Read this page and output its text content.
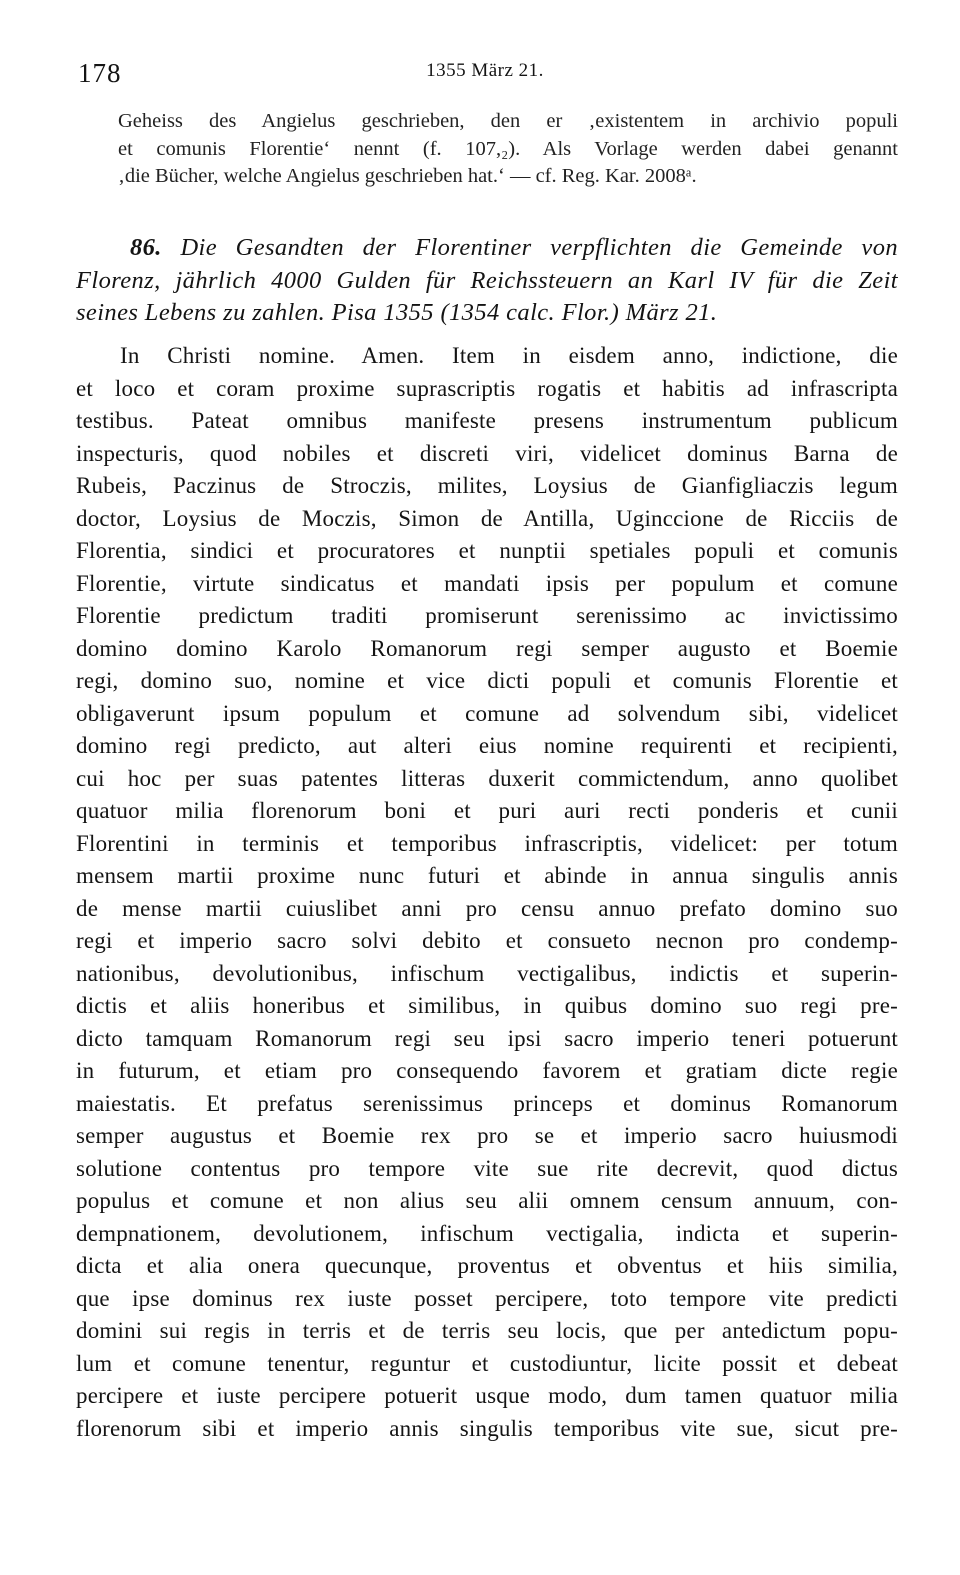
178	1355 März 21.
Geheiss des Angielus geschrieben, den er ‚existentem in archivio populi
et comunis Florentie‘ nennt (f. 107,₂). Als Vorlage werden dabei genannt
‚die Bücher, welche Angielus geschrieben hat.‘ — cf. Reg. Kar. 2008ᵃ.
86. Die Gesandten der Florentiner verpflichten die Gemeinde von
Florenz, jährlich 4000 Gulden für Reichssteuern an Karl IV für die Zeit
seines Lebens zu zahlen. Pisa 1355 (1354 calc. Flor.) März 21.
In Christi nomine. Amen. Item in eisdem anno, indictione, die
et loco et coram proxime suprascriptis rogatis et habitis ad infrascripta
testibus. Pateat omnibus manifeste presens instrumentum publicum
inspecturis, quod nobiles et discreti viri, videlicet dominus Barna de
Rubeis, Paczinus de Stroczis, milites, Loysius de Gianfigliaczis legum
doctor, Loysius de Moczis, Simon de Antilla, Uginccione de Ricciis de
Florentia, sindici et procuratores et nunptii spetiales populi et comunis
Florentie, virtute sindicatus et mandati ipsis per populum et comune
Florentie predictum traditi promiserunt serenissimo ac invictissimo
domino domino Karolo Romanorum regi semper augusto et Boemie
regi, domino suo, nomine et vice dicti populi et comunis Florentie et
obligaverunt ipsum populum et comune ad solvendum sibi, videlicet
domino regi predicto, aut alteri eius nomine requirenti et recipienti,
cui hoc per suas patentes litteras duxerit commictendum, anno quolibet
quatuor milia florenorum boni et puri auri recti ponderis et cunii
Florentini in terminis et temporibus infrascriptis, videlicet: per totum
mensem martii proxime nunc futuri et abinde in annua singulis annis
de mense martii cuiuslibet anni pro censu annuo prefato domino suo
regi et imperio sacro solvi debito et consueto necnon pro condemp-
nationibus, devolutionibus, infischum vectigalibus, indictis et superin-
dictis et aliis honeribus et similibus, in quibus domino suo regi pre-
dicto tamquam Romanorum regi seu ipsi sacro imperio teneri potuerunt
in futurum, et etiam pro consequendo favorem et gratiam dicte regie
maiestatis. Et prefatus serenissimus princeps et dominus Romanorum
semper augustus et Boemie rex pro se et imperio sacro huiusmodi
solutione contentus pro tempore vite sue rite decrevit, quod dictus
populus et comune et non alius seu alii omnem censum annuum, con-
dempnationem, devolutionem, infischum vectigalia, indicta et superin-
dicta et alia onera quecunque, proventus et obventus et hiis similia,
que ipse dominus rex iuste posset percipere, toto tempore vite predicti
domini sui regis in terris et de terris seu locis, que per antedictum popu-
lum et comune tenentur, reguntur et custodiuntur, licite possit et debeat
percipere et iuste percipere potuerit usque modo, dum tamen quatuor milia
florenorum sibi et imperio annis singulis temporibus vite sue, sicut pre-
